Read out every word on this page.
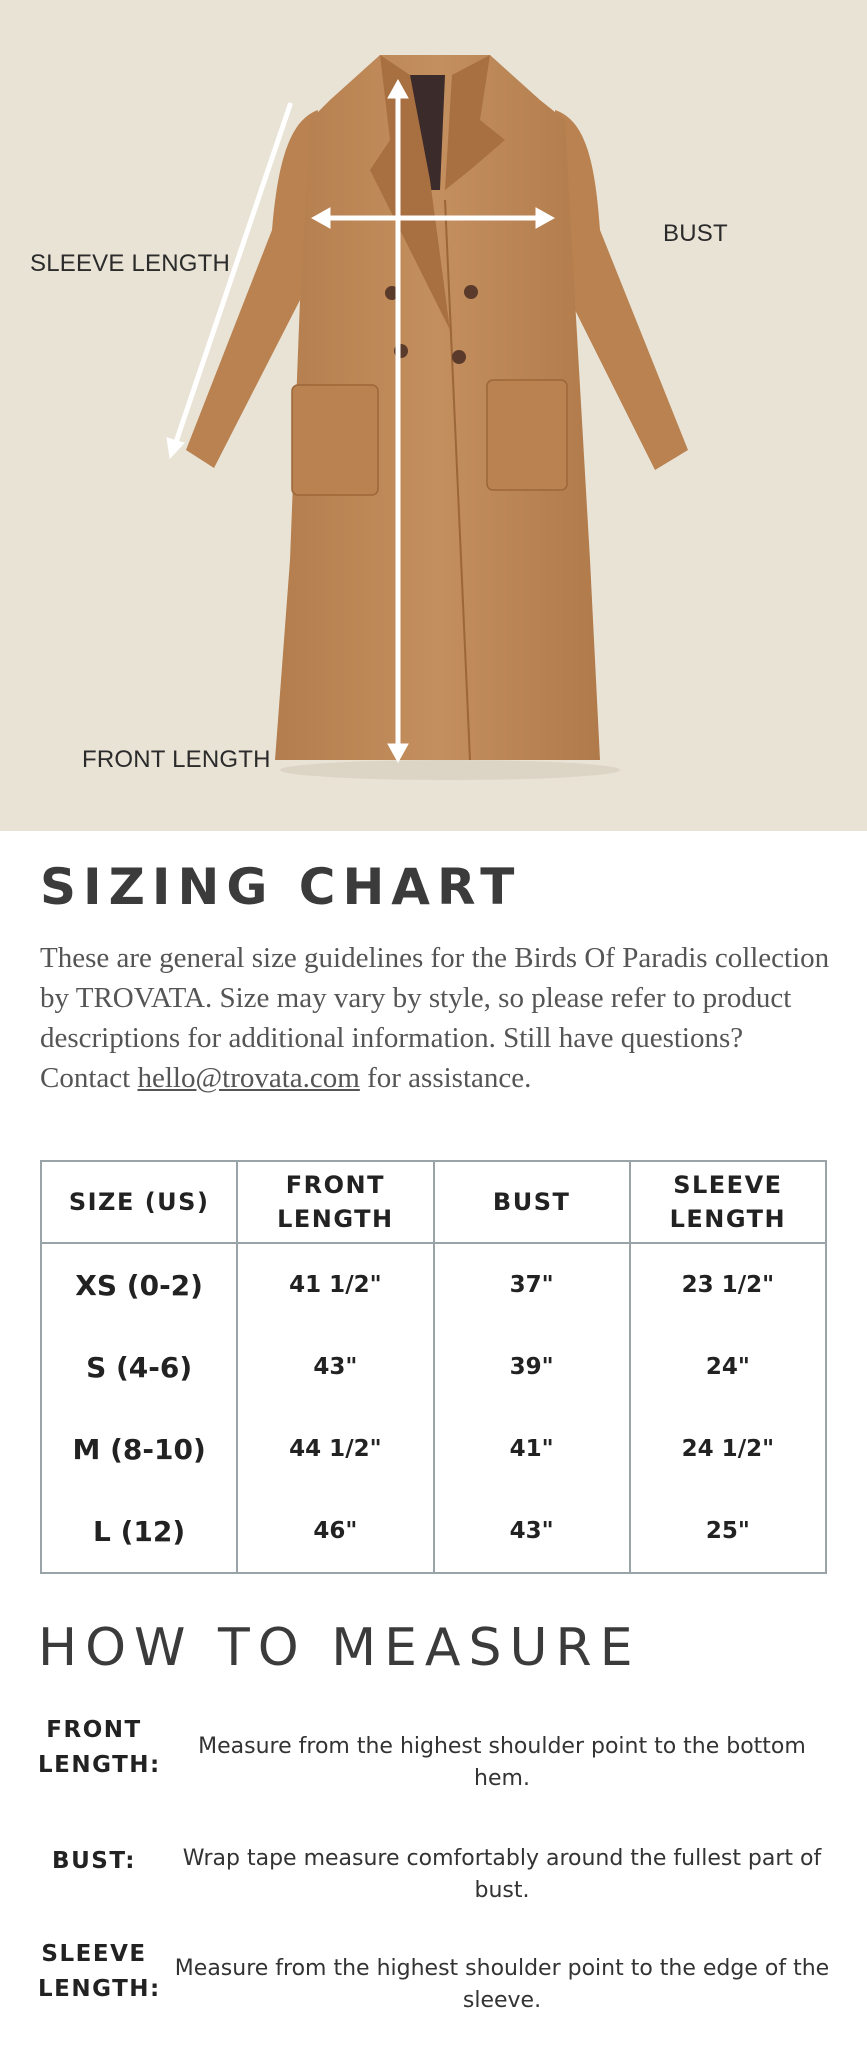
SLEEVE LENGTH
BUST
FRONT LENGTH
SIZING CHART

These are general size guidelines for the Birds Of Paradis collection by TROVATA. Size may vary by style, so please refer to product descriptions for additional information. Still have questions? Contact hello@trovata.com for assistance.

SIZE (US)	FRONT LENGTH	BUST	SLEEVE LENGTH
XS (0-2)	41 1/2"	37"	23 1/2"
S (4-6)	43"	39"	24"
M (8-10)	44 1/2"	41"	24 1/2"
L (12)	46"	43"	25"
HOW TO MEASURE
FRONT
LENGTH:
Measure from the highest shoulder point to the bottom hem.
BUST:	Wrap tape measure comfortably around the fullest part of bust.
SLEEVE
LENGTH:
Measure from the highest shoulder point to the edge of the sleeve.
